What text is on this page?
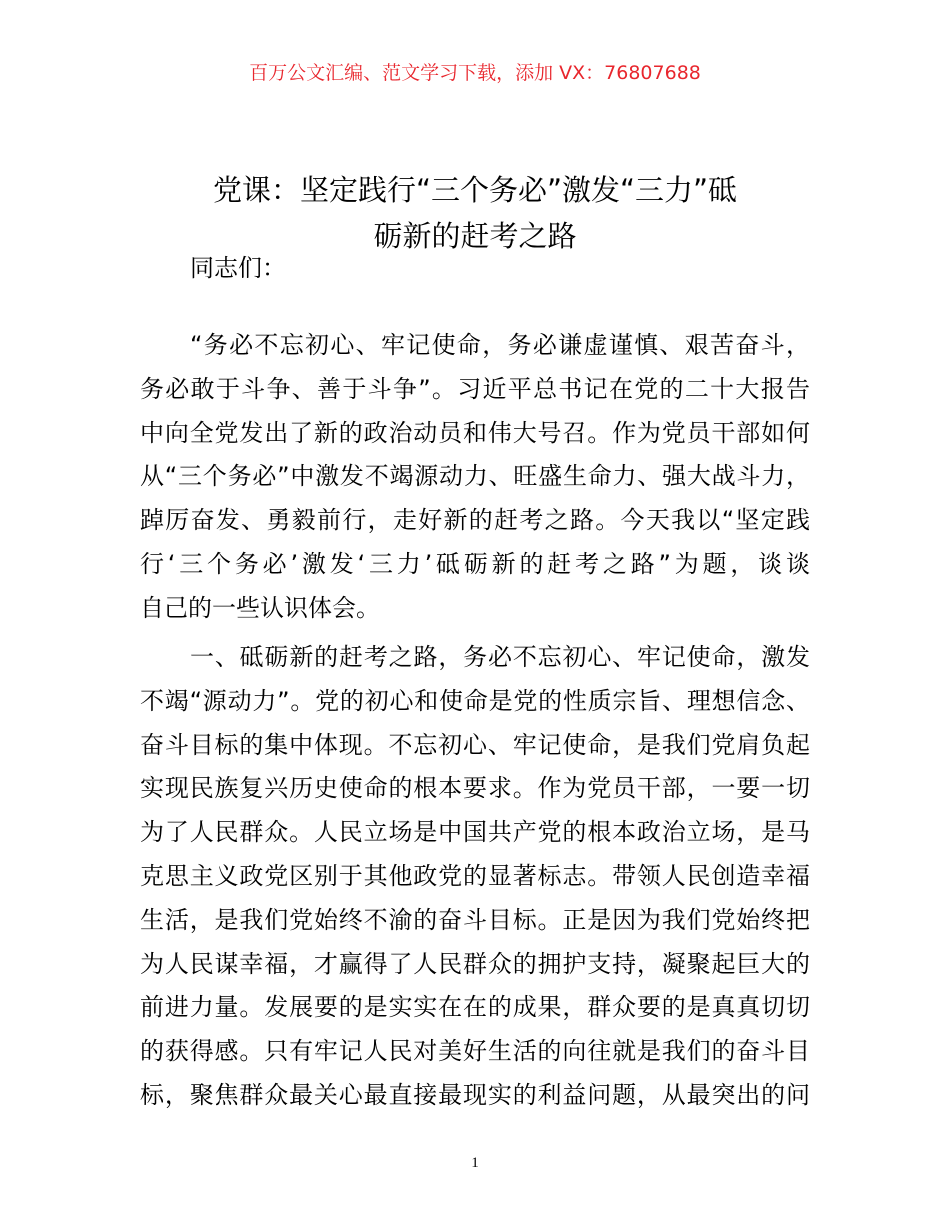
百万公文汇编、范文学习下载，添加 VX：76807688
党课：坚定践行“三个务必”激发“三力”砥
砺新的赶考之路
同志们：
“务必不忘初心、牢记使命，务必谦虚谨慎、艰苦奋斗，
务必敢于斗争、善于斗争”。习近平总书记在党的二十大报告
中向全党发出了新的政治动员和伟大号召。作为党员干部如何
从“三个务必”中激发不竭源动力、旺盛生命力、强大战斗力，
踔厉奋发、勇毅前行，走好新的赶考之路。今天我以“坚定践
行‘三个务必’激发‘三力’砥砺新的赶考之路”为题，谈谈
自己的一些认识体会。
一、砥砺新的赶考之路，务必不忘初心、牢记使命，激发
不竭“源动力”。党的初心和使命是党的性质宗旨、理想信念、
奋斗目标的集中体现。不忘初心、牢记使命，是我们党肩负起
实现民族复兴历史使命的根本要求。作为党员干部，一要一切
为了人民群众。人民立场是中国共产党的根本政治立场，是马
克思主义政党区别于其他政党的显著标志。带领人民创造幸福
生活，是我们党始终不渝的奋斗目标。正是因为我们党始终把
为人民谋幸福，才赢得了人民群众的拥护支持，凝聚起巨大的
前进力量。发展要的是实实在在的成果，群众要的是真真切切
的获得感。只有牢记人民对美好生活的向往就是我们的奋斗目
标，聚焦群众最关心最直接最现实的利益问题，从最突出的问
1
